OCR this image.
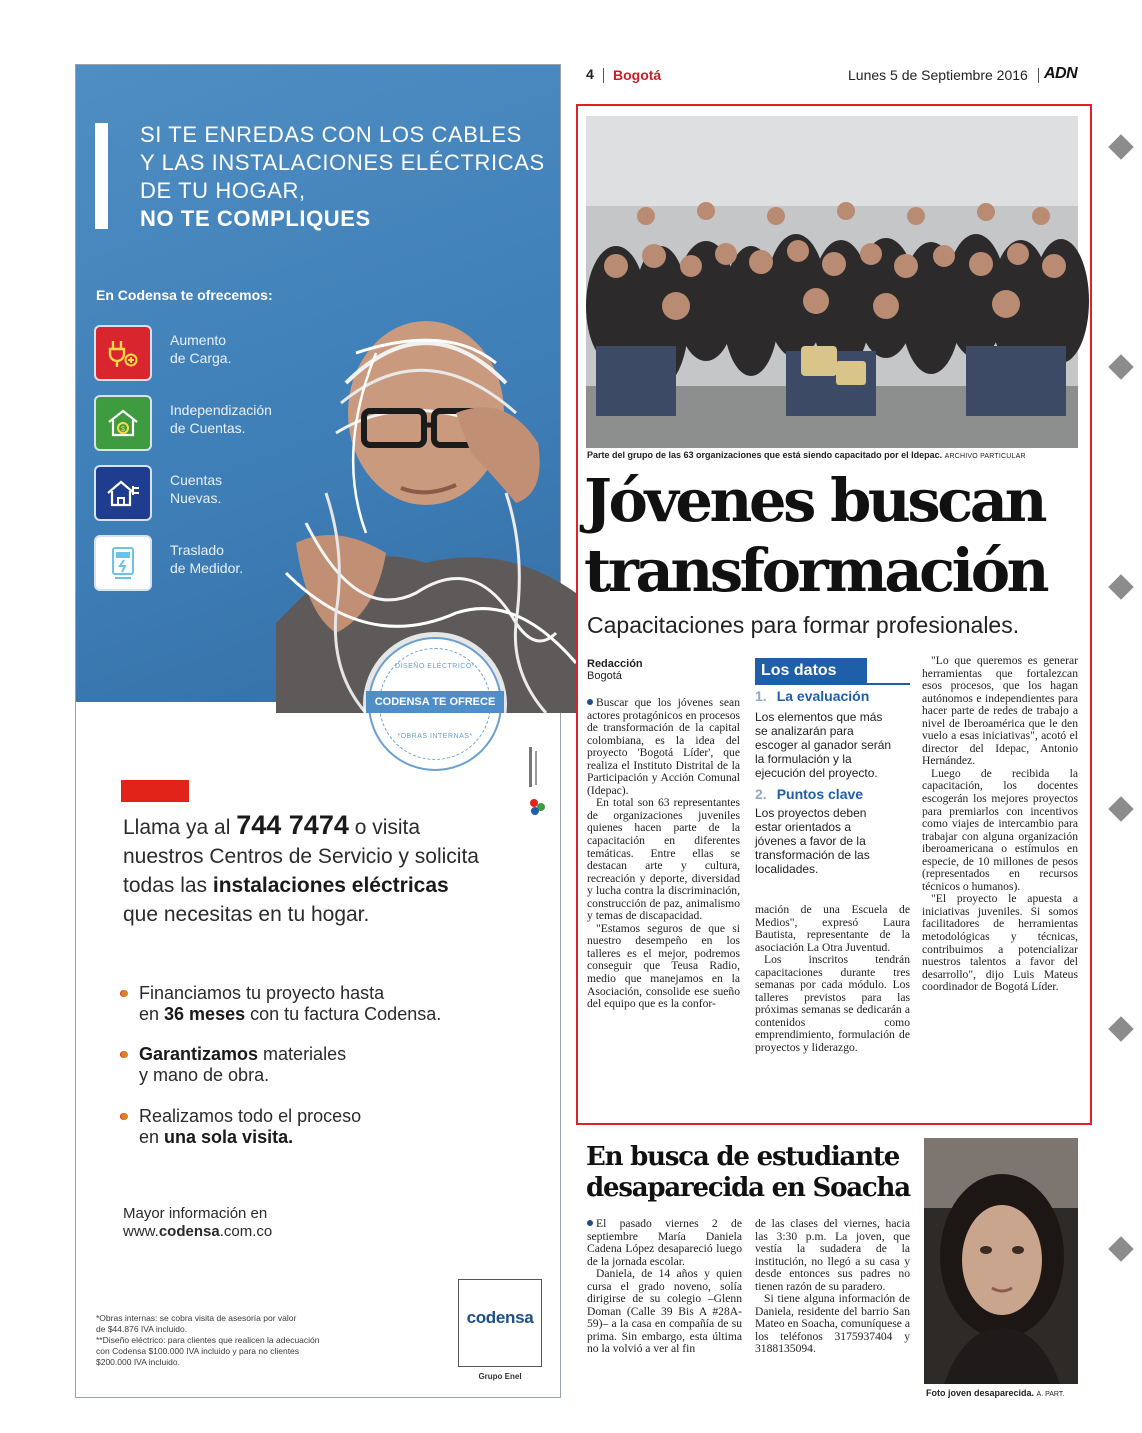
SI TE ENREDAS CON LOS CABLES
Y LAS INSTALACIONES ELÉCTRICAS
DE TU HOGAR,
NO TE COMPLIQUES
En Codensa te ofrecemos:
Aumento
de Carga.
$
Independización
de Cuentas.
Cuentas
Nuevas.
Traslado
de Medidor.
DISEÑO ELÉCTRICO*
CODENSA TE OFRECE
*OBRAS INTERNAS*
Llama ya al 744 7474 o visita
nuestros Centros de Servicio y solicita
todas las instalaciones eléctricas
que necesitas en tu hogar.
Financiamos tu proyecto hasta
en 36 meses con tu factura Codensa.
Garantizamos materiales
y mano de obra.
Realizamos todo el proceso
en una sola visita.
Mayor información en
www.codensa.com.co
*Obras internas: se cobra visita de asesoría por valor
de $44.876 IVA incluido.
**Diseño eléctrico: para clientes que realicen la adecuación
con Codensa $100.000 IVA incluido y para no clientes
$200.000 IVA incluido.
codensa
Grupo Enel
4 Bogotá	Lunes 5 de Septiembre 2016 ADN
Parte del grupo de las 63 organizaciones que está siendo capacitado por el Idepac. ARCHIVO PARTICULAR
Jóvenes buscan
transformación
Capacitaciones para formar profesionales.
Redacción
Bogotá

Buscar que los jóvenes sean actores protagónicos en procesos de transformación de la capital colombiana, es la idea del proyecto 'Bogotá Líder', que realiza el Instituto Distrital de la Participación y Acción Comunal (Idepac).

En total son 63 representantes de organizaciones juveniles quienes hacen parte de la capacitación en diferentes temáticas. Entre ellas se destacan arte y cultura, recreación y deporte, diversidad y lucha contra la discriminación, construcción de paz, animalismo y temas de discapacidad.

"Estamos seguros de que si nuestro desempeño en los talleres es el mejor, podremos conseguir que Teusa Radio, medio que manejamos en la Asociación, consolide ese sueño del equipo que es la confor-

Los datos
1. La evaluación
Los elementos que más
se analizarán para
escoger al ganador serán
la formulación y la
ejecución del proyecto.
2. Puntos clave
Los proyectos deben
estar orientados a
jóvenes a favor de la
transformación de las
localidades.

mación de una Escuela de Medios", expresó Laura Bautista, representante de la asociación La Otra Juventud.

Los inscritos tendrán capacitaciones durante tres semanas por cada módulo. Los talleres previstos para las próximas semanas se dedicarán a contenidos como emprendimiento, formulación de proyectos y liderazgo.

"Lo que queremos es generar herramientas que fortalezcan esos procesos, que los hagan autónomos e independientes para hacer parte de redes de trabajo a nivel de Iberoamérica que le den vuelo a esas iniciativas", acotó el director del Idepac, Antonio Hernández.

Luego de recibida la capacitación, los docentes escogerán los mejores proyectos para premiarlos con incentivos como viajes de intercambio para trabajar con alguna organización iberoamericana o estímulos en especie, de 10 millones de pesos (representados en recursos técnicos o humanos).

"El proyecto le apuesta a iniciativas juveniles. Si somos facilitadores de herramientas metodológicas y técnicas, contribuimos a potencializar nuestros talentos a favor del desarrollo", dijo Luis Mateus coordinador de Bogotá Líder.

En busca de estudiante
desaparecida en Soacha

El pasado viernes 2 de septiembre María Daniela Cadena López desapareció luego de la jornada escolar.

Daniela, de 14 años y quien cursa el grado noveno, solía dirigirse de su colegio –Glenn Doman (Calle 39 Bis A #28A-59)– a la casa en compañía de su prima. Sin embargo, esta última no la volvió a ver al fin

de las clases del viernes, hacia las 3:30 p.m. La joven, que vestía la sudadera de la institución, no llegó a su casa y desde entonces sus padres no tienen razón de su paradero.

Si tiene alguna información de Daniela, residente del barrio San Mateo en Soacha, comuníquese a los teléfonos 3175937404 y 3188135094.

Foto joven desaparecida. A. PART.
